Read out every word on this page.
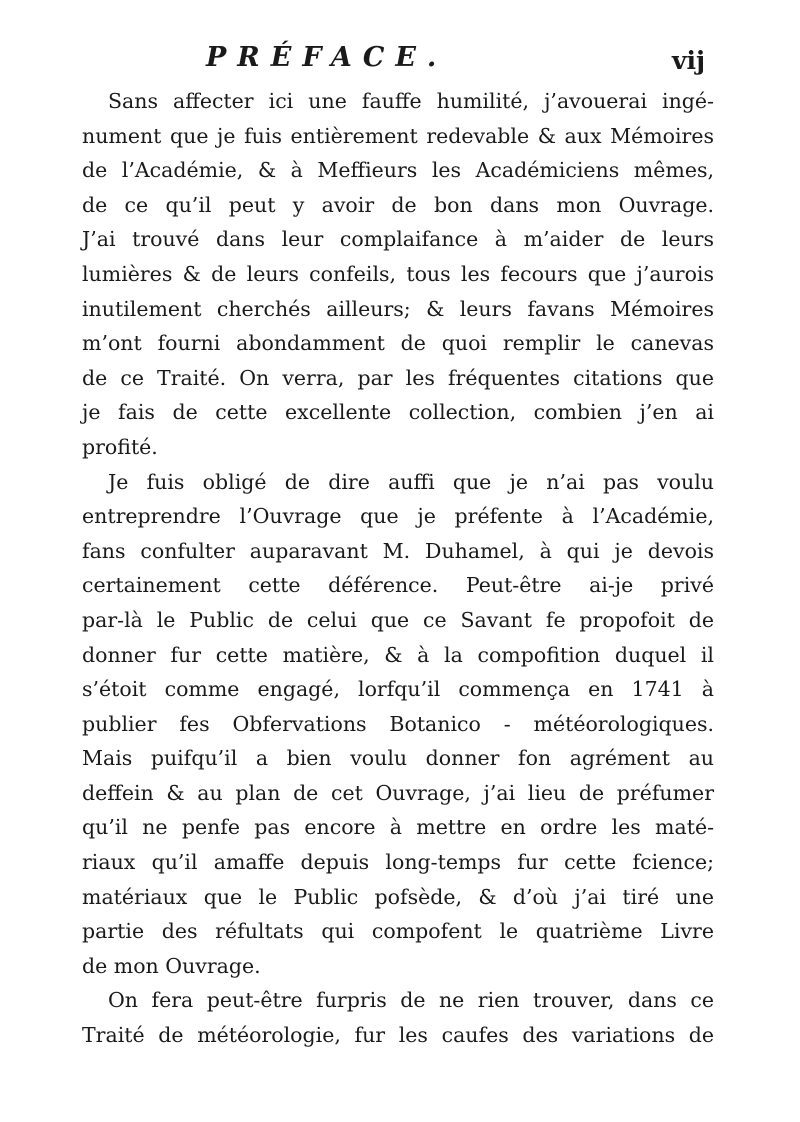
PRÉFACE.	vij
Sans affecter ici une fauffe humilité, j’avouerai ingé-
nument que je fuis entièrement redevable & aux Mémoires
de l’Académie, & à Meffieurs les Académiciens mêmes,
de ce qu’il peut y avoir de bon dans mon Ouvrage.
J’ai trouvé dans leur complaifance à m’aider de leurs
lumières & de leurs confeils, tous les fecours que j’aurois
inutilement cherchés ailleurs; & leurs favans Mémoires
m’ont fourni abondamment de quoi remplir le canevas
de ce Traité. On verra, par les fréquentes citations que
je fais de cette excellente collection, combien j’en ai
profité.
Je fuis obligé de dire auffi que je n’ai pas voulu
entreprendre l’Ouvrage que je préfente à l’Académie,
fans confulter auparavant M. Duhamel, à qui je devois
certainement cette déférence. Peut-être ai-je privé
par-là le Public de celui que ce Savant fe propofoit de
donner fur cette matière, & à la compofition duquel il
s’étoit comme engagé, lorfqu’il commença en 1741 à
publier fes Obfervations Botanico - météorologiques.
Mais puifqu’il a bien voulu donner fon agrément au
deffein & au plan de cet Ouvrage, j’ai lieu de préfumer
qu’il ne penfe pas encore à mettre en ordre les maté-
riaux qu’il amaffe depuis long-temps fur cette fcience;
matériaux que le Public pofsède, & d’où j’ai tiré une
partie des réfultats qui compofent le quatrième Livre
de mon Ouvrage.
On fera peut-être furpris de ne rien trouver, dans ce
Traité de météorologie, fur les caufes des variations de
